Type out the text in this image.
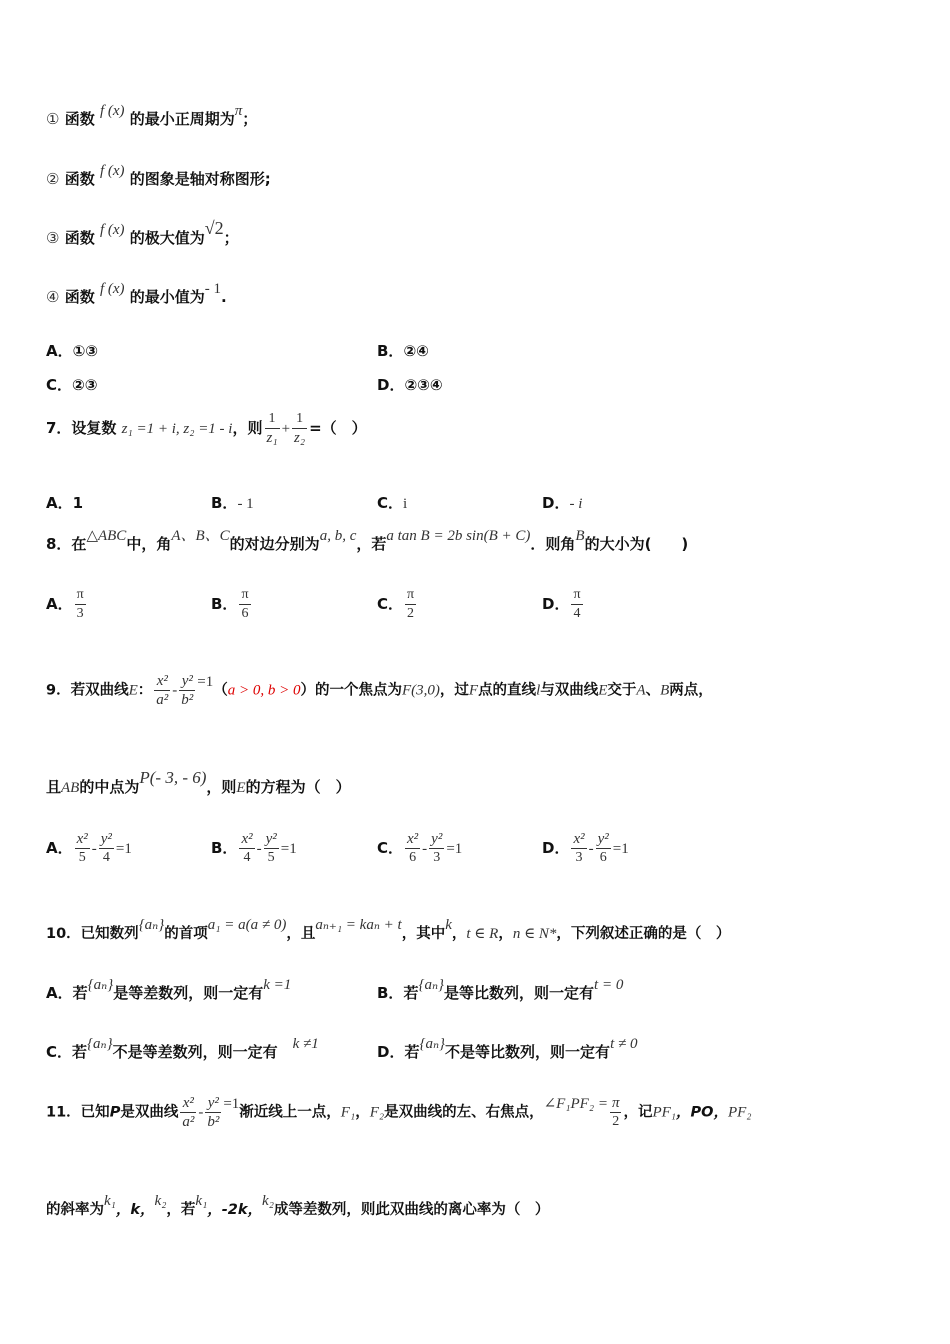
① 函数 f (x) 的最小正周期为π；
② 函数 f (x) 的图象是轴对称图形;
③ 函数 f (x) 的极大值为√2；
④ 函数 f (x) 的最小值为- 1.
A．①③	B．②④
C．②③	D．②③④
7．设复数 z₁ =1 + i, z₂ =1 - i，则 $\frac{1}{\text{z₁}} + \frac{1}{\text{z₂}}$ =（　）
A．1	B．- 1	C．i	D．- i
8．在△ABC中，角A、B、C的对边分别为a, b, c，若a tan B = 2b sin(B + C)．则角B的大小为(　　)
A． $\frac{\pi}{3}$	B． $\frac{\pi}{6}$	C． $\frac{\pi}{2}$	D． $\frac{\pi}{4}$
9．若双曲线E： $\frac{\text{x²}}{\text{a²}} - \frac{\text{y²}}{\text{b²}} =1(a > 0$, b > 0）的一个焦点为F(3,0)，过F点的直线l与双曲线E交于A、B两点，
且AB的中点为P(- 3, - 6)，则E的方程为（　）
A． $\frac{\text{x²}}{5} - \frac{\text{y²}}{4} =1$	B． $\frac{\text{x²}}{4} - \frac{\text{y²}}{5} =1$	C． $\frac{\text{x²}}{6} - \frac{\text{y²}}{3} =1$	D． $\frac{\text{x²}}{3} - \frac{\text{y²}}{6} =1$
10．已知数列{aₙ}的首项a₁ = a(a ≠ 0)，且aₙ₊₁ = kaₙ + t，其中k，t ∈ R，n ∈ N*，下列叙述正确的是（　）
A．若{aₙ}是等差数列，则一定有k =1	B．若{aₙ}是等比数列，则一定有t = 0
C．若{aₙ}不是等差数列，则一定有　 k ≠1	D．若{aₙ}不是等比数列，则一定有t ≠ 0
11．已知P是双曲线 $\frac{\text{x²}}{\text{a²}} - \frac{\text{y²}}{\text{b²}} =1$渐近线上一点，F₁，F₂是双曲线的左、右焦点，∠F₁PF₂ = $\frac{\pi}{2}$ ，记PF₁，PO，PF₂
的斜率为k₁，k，k₂，若k₁，-2k，k₂成等差数列，则此双曲线的离心率为（　）
